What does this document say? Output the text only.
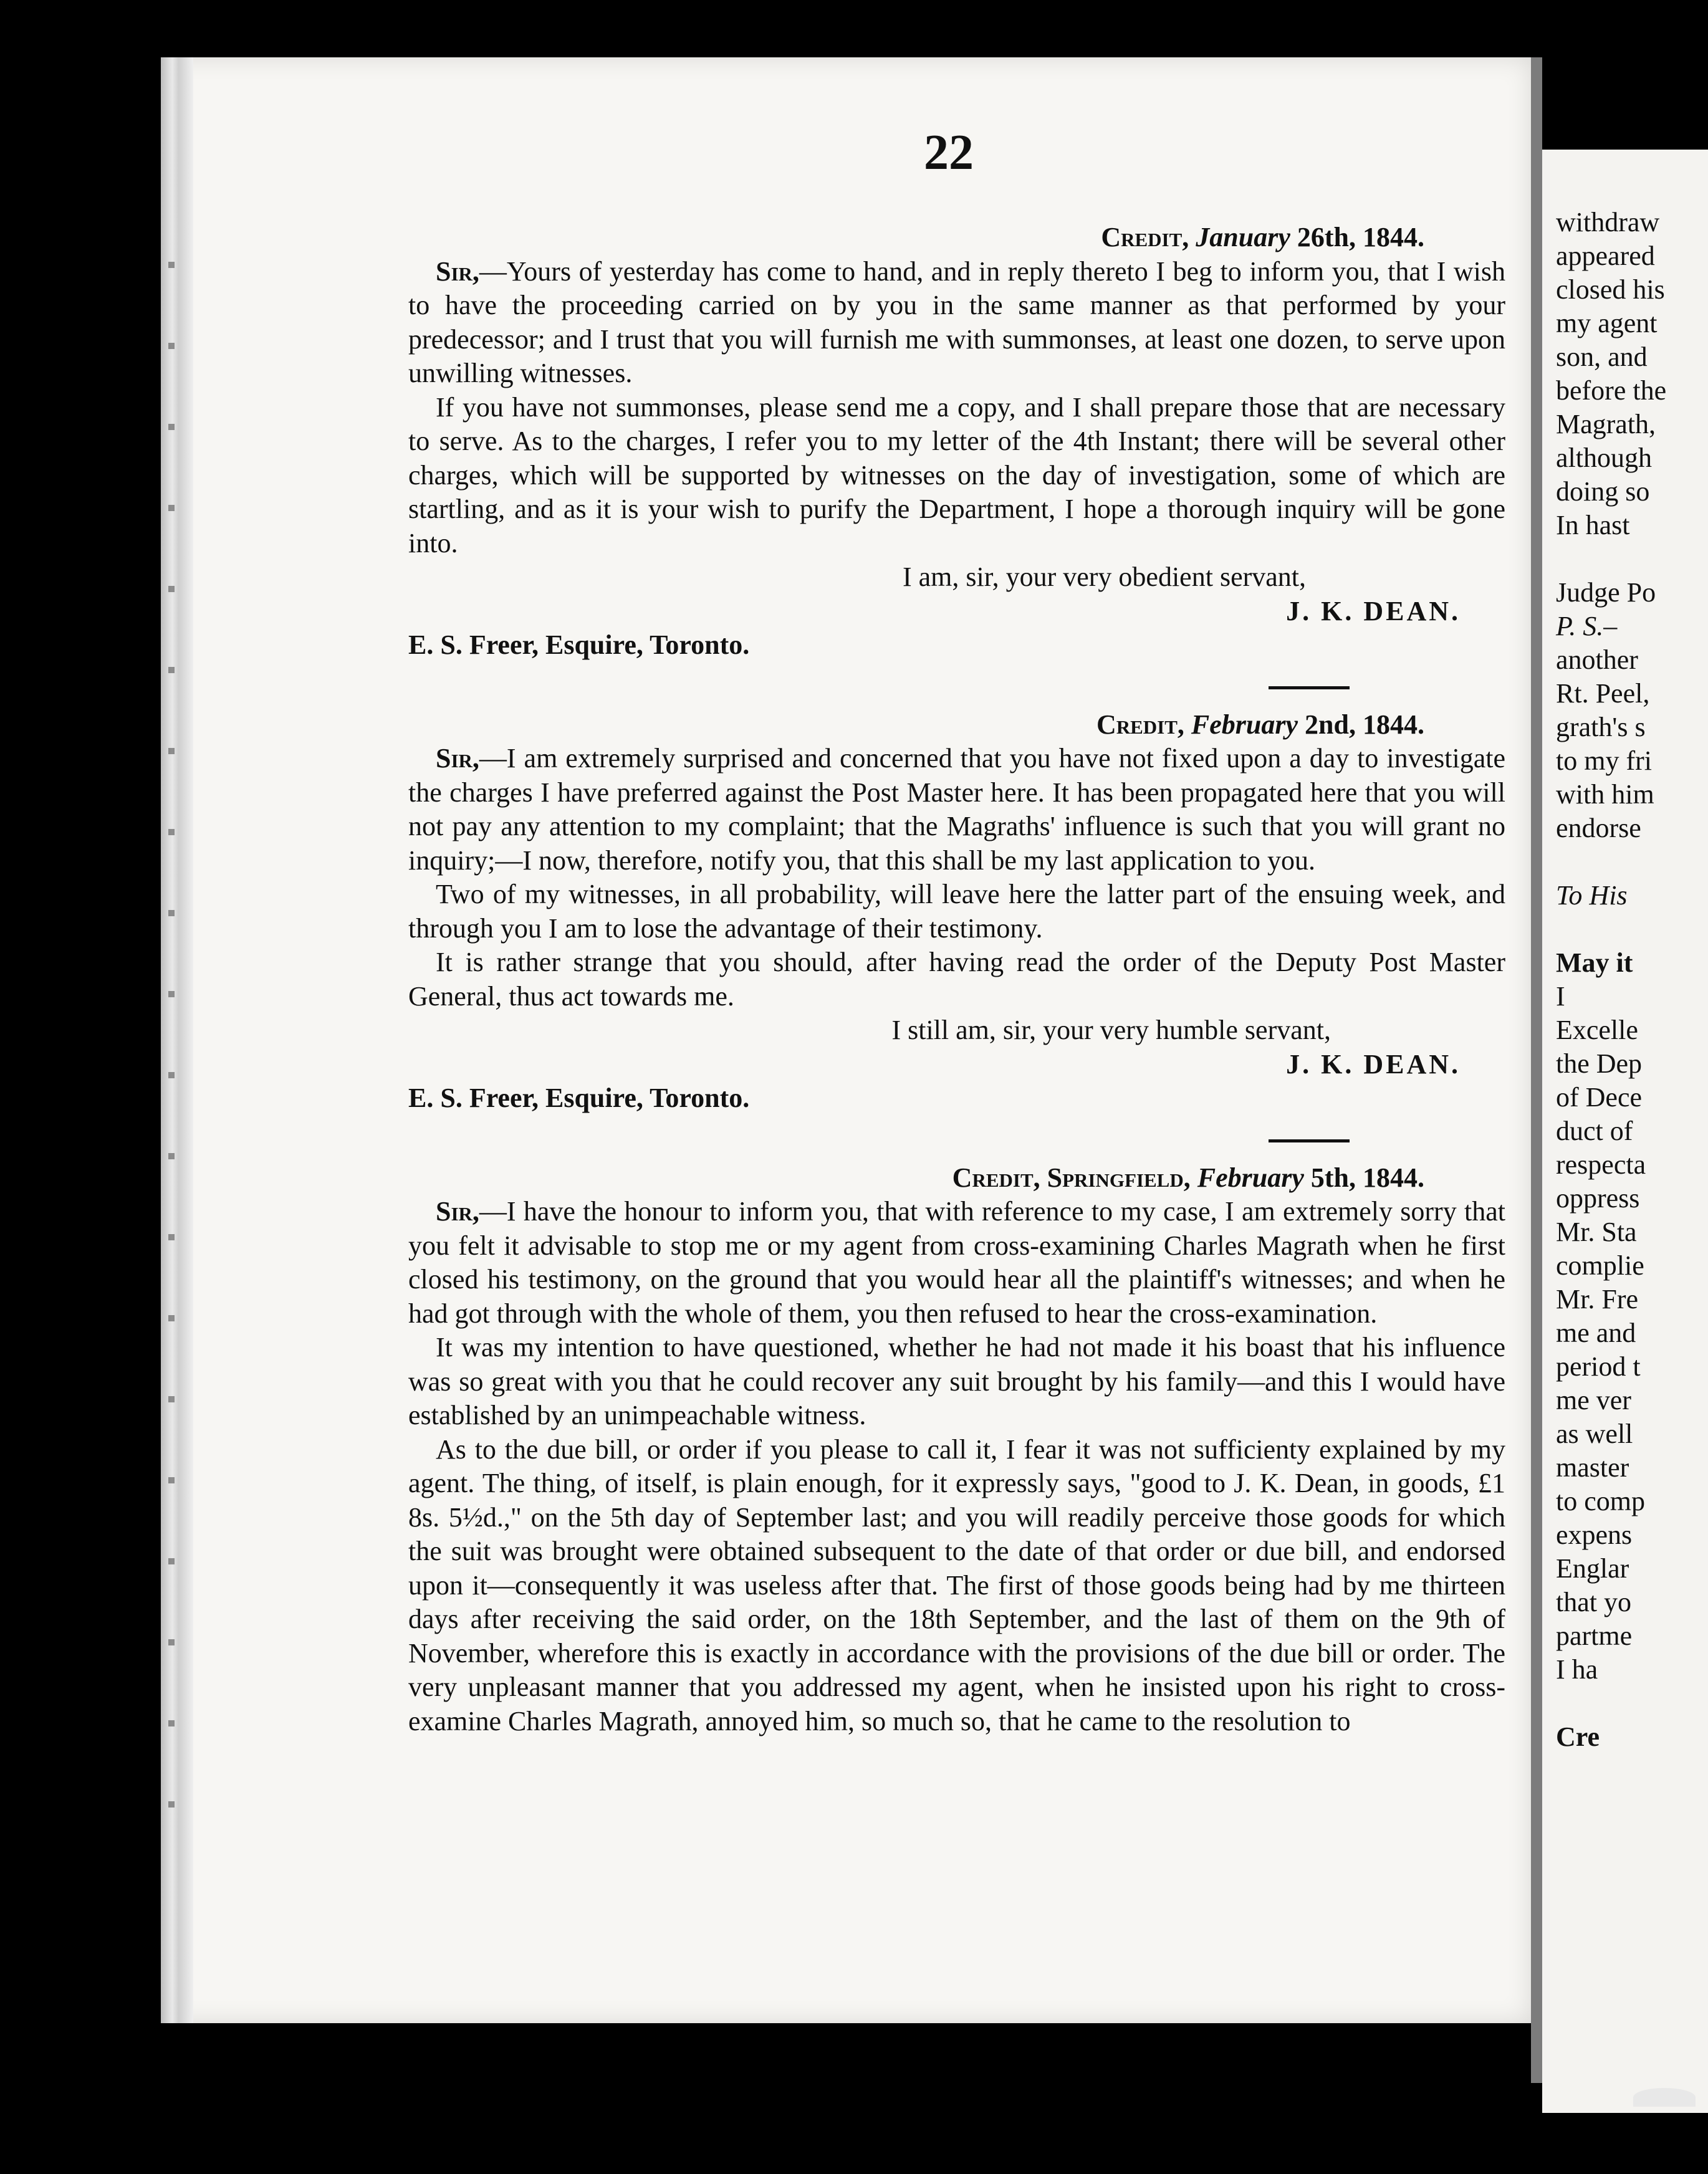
22
Credit, January 26th, 1844.

Sir,—Yours of yesterday has come to hand, and in reply thereto I beg to inform you, that I wish to have the proceeding carried on by you in the same manner as that performed by your predecessor; and I trust that you will furnish me with summonses, at least one dozen, to serve upon unwilling witnesses.

If you have not summonses, please send me a copy, and I shall prepare those that are necessary to serve. As to the charges, I refer you to my letter of the 4th Instant; there will be several other charges, which will be supported by witnesses on the day of investigation, some of which are startling, and as it is your wish to purify the Department, I hope a thorough inquiry will be gone into.

I am, sir, your very obedient servant,
J. K. DEAN.
E. S. Freer, Esquire, Toronto.
Credit, February 2nd, 1844.

Sir,—I am extremely surprised and concerned that you have not fixed upon a day to investigate the charges I have preferred against the Post Master here. It has been propagated here that you will not pay any attention to my complaint; that the Magraths' influence is such that you will grant no inquiry;—I now, therefore, notify you, that this shall be my last application to you.

Two of my witnesses, in all probability, will leave here the latter part of the ensuing week, and through you I am to lose the advantage of their testimony.

It is rather strange that you should, after having read the order of the Deputy Post Master General, thus act towards me.

I still am, sir, your very humble servant,
J. K. DEAN.
E. S. Freer, Esquire, Toronto.
Credit, Springfield, February 5th, 1844.

Sir,—I have the honour to inform you, that with reference to my case, I am extremely sorry that you felt it advisable to stop me or my agent from cross-examining Charles Magrath when he first closed his testimony, on the ground that you would hear all the plaintiff's witnesses; and when he had got through with the whole of them, you then refused to hear the cross-examination.

It was my intention to have questioned, whether he had not made it his boast that his influence was so great with you that he could recover any suit brought by his family—and this I would have established by an unimpeachable witness.

As to the due bill, or order if you please to call it, I fear it was not sufficienty explained by my agent. The thing, of itself, is plain enough, for it expressly says, "good to J. K. Dean, in goods, £1 8s. 5½d.," on the 5th day of September last; and you will readily perceive those goods for which the suit was brought were obtained subsequent to the date of that order or due bill, and endorsed upon it—consequently it was useless after that. The first of those goods being had by me thirteen days after receiving the said order, on the 18th September, and the last of them on the 9th of November, wherefore this is exactly in accordance with the provisions of the due bill or order. The very unpleasant manner that you addressed my agent, when he insisted upon his right to cross-examine Charles Magrath, annoyed him, so much so, that he came to the resolution to

withdraw
appeared
closed his
my agent
son, and
before the
Magrath,
although
doing so
In hast
Judge Po
P. S.–
another
Rt. Peel,
grath's s
to my fri
with him
endorse
To His
May it
I
Excelle
the Dep
of Dece
duct of
respecta
oppress
Mr. Sta
complie
Mr. Fre
me and
period t
me ver
as well
master
to comp
expens
Englar
that yo
partme
I ha
Cre
